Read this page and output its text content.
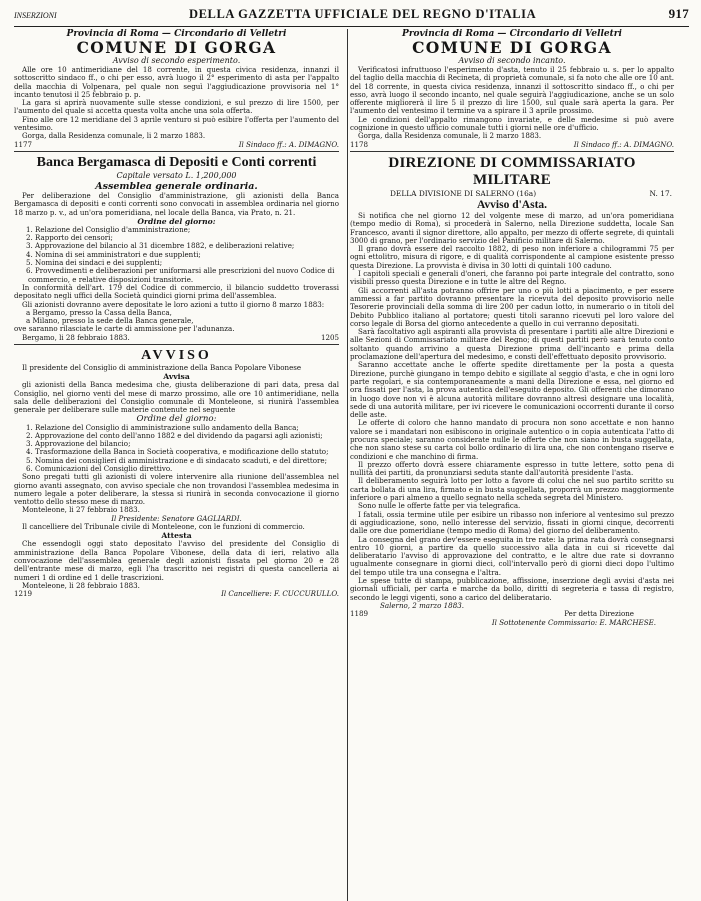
INSERZIONI	DELLA GAZZETTA UFFICIALE DEL REGNO D'ITALIA	917
Provincia di Roma — Circondario di Velletri
COMUNE DI GORGA
Avviso di secondo esperimento.

Alle ore 10 antimeridiane del 18 corrente, in questa civica residenza, innanzi il sottoscritto sindaco ff., o chi per esso, avrà luogo il 2° esperimento di asta per l'appalto della macchia di Volpenara, pel quale non seguì l'aggiudicazione provvisoria nel 1° incanto tenutosi il 25 febbraio p. p.

La gara si aprirà nuovamente sulle stesse condizioni, e sul prezzo di lire 1500, per l'aumento del quale si accetta questa volta anche una sola offerta.

Fino alle ore 12 meridiane del 3 aprile venturo si può esibire l'offerta per l'aumento del ventesimo.

Gorga, dalla Residenza comunale, li 2 marzo 1883.

1177	Il Sindaco ff.: A. DIMAGNO.
Banca Bergamasca di Depositi e Conti correnti
Capitale versato L. 1,200,000
Assemblea generale ordinaria.

Per deliberazione del Consiglio d'amministrazione, gli azionisti della Banca Bergamasca di depositi e conti correnti sono convocati in assemblea ordinaria nel giorno 18 marzo p. v., ad un'ora pomeridiana, nel locale della Banca, via Prato, n. 21.

Ordine del giorno:
1. Relazione del Consiglio d'amministrazione;
2. Rapporto dei censori;
3. Approvazione del bilancio al 31 dicembre 1882, e deliberazioni relative;
4. Nomina di sei amministratori e due supplenti;
5. Nomina dei sindaci e dei supplenti;
6. Provvedimenti e deliberazioni per uniformarsi alle prescrizioni del nuovo Codice di commercio, e relative disposizioni transitorie.

In conformità dell'art. 179 del Codice di commercio, il bilancio suddetto troverassi depositato negli uffici della Società quindici giorni prima dell'assemblea.

Gli azionisti dovranno avere depositate le loro azioni a tutto il giorno 8 marzo 1883:

a Bergamo, presso la Cassa della Banca,
a Milano, presso la sede della Banca generale,

ove saranno rilasciate le carte di ammissione per l'adunanza.

Bergamo, li 28 febbraio 1883.	1205
AVVISO

Il presidente del Consiglio di amministrazione della Banca Popolare Vibonese

Avvisa

gli azionisti della Banca medesima che, giusta deliberazione di pari data, presa dal Consiglio, nel giorno venti del mese di marzo prossimo, alle ore 10 antimeridiane, nella sala delle deliberazioni del Consiglio comunale di Monteleone, si riunirà l'assemblea generale per deliberare sulle materie contenute nel seguente

Ordine del giorno:
1. Relazione del Consiglio di amministrazione sullo andamento della Banca;
2. Approvazione del conto dell'anno 1882 e del dividendo da pagarsi agli azionisti;
3. Approvazione del bilancio;
4. Trasformazione della Banca in Società cooperativa, e modificazione dello statuto;
5. Nomina dei consiglieri di amministrazione e di sindacato scaduti, e del direttore;
6. Comunicazioni del Consiglio direttivo.

Sono pregati tutti gli azionisti di volere intervenire alla riunione dell'assemblea nel giorno avanti assegnato, con avviso speciale che non trovandosi l'assemblea medesima in numero legale a poter deliberare, la stessa si riunirà in seconda convocazione il giorno ventotto dello stesso mese di marzo.

Monteleone, li 27 febbraio 1883.

Il Presidente: Senatore GAGLIARDI.

Il cancelliere del Tribunale civile di Monteleone, con le funzioni di commercio.

Attesta

Che essendogli oggi stato depositato l'avviso del presidente del Consiglio di amministrazione della Banca Popolare Vibonese, della data di ieri, relativo alla convocazione dell'assemblea generale degli azionisti fissata pel giorno 20 e 28 dell'entrante mese di marzo, egli l'ha trascritto nei registri di questa cancelleria ai numeri 1 di ordine ed 1 delle trascrizioni.

Monteleone, li 28 febbraio 1883.

1219	Il Cancelliere: F. CUCCURULLO.
Provincia di Roma — Circondario di Velletri
COMUNE DI GORGA
Avviso di secondo incanto.

Verificatosi infruttuoso l'esperimento d'asta, tenuto il 25 febbraio u. s. per lo appalto del taglio della macchia di Recineta, di proprietà comunale, si fa noto che alle ore 10 ant. del 18 corrente, in questa civica residenza, innanzi il sottoscritto sindaco ff., o chi per esso, avrà luogo il secondo incanto, nel quale seguirà l'aggiudicazione, anche se un solo offerente migliorerà il lire 5 il prezzo di lire 1500, sul quale sarà aperta la gara. Per l'aumento del ventesimo il termine va a spirare il 3 aprile prossimo.

Le condizioni dell'appalto rimangono invariate, e delle medesime si può avere cognizione in questo ufficio comunale tutti i giorni nelle ore d'ufficio.

Gorga, dalla Residenza comunale, li 2 marzo 1883.

1178	Il Sindaco ff.: A. DIMAGNO.
DIREZIONE DI COMMISSARIATO MILITARE
DELLA DIVISIONE DI SALERNO (16a)	N. 17.
Avviso d'Asta.

Si notifica che nel giorno 12 del volgente mese di marzo, ad un'ora pomeridiana (tempo medio di Roma), si procederà in Salerno, nella Direzione suddetta, locale San Francesco, avanti il signor direttore, allo appalto, per mezzo di offerte segrete, di quintali 3000 di grano, per l'ordinario servizio del Panificio militare di Salerno.

Il grano dovrà essere del raccolto 1882, di peso non inferiore a chilogrammi 75 per ogni ettolitro, misura di rigore, e di qualità corrispondente al campione esistente presso questa Direzione. La provvista è divisa in 30 lotti di quintali 100 caduno.

I capitoli speciali e generali d'oneri, che faranno poi parte integrale del contratto, sono visibili presso questa Direzione e in tutte le altre del Regno.

Gli accorrenti all'asta potranno offrire per uno o più lotti a piacimento, e per essere ammessi a far partito dovranno presentare la ricevuta del deposito provvisorio nelle Tesorerie provinciali della somma di lire 200 per cadun lotto, in numerario o in titoli del Debito Pubblico italiano al portatore; questi titoli saranno ricevuti pel loro valore del corso legale di Borsa del giorno antecedente a quello in cui verranno depositati.

Sarà facoltativo agli aspiranti alla provvista di presentare i partiti alle altre Direzioni e alle Sezioni di Commissariato militare del Regno; di questi partiti però sarà tenuto conto soltanto quando arrivino a questa Direzione prima dell'incanto e prima della proclamazione dell'apertura del medesimo, e consti dell'effettuato deposito provvisorio.

Saranno accettate anche le offerte spedite direttamente per la posta a questa Direzione, purchè giungano in tempo debito e sigillate al seggio d'asta, e che in ogni loro parte regolari, e sia contemporaneamente a mani della Direzione e essa, nel giorno ed ora fissati per l'asta, la prova autentica dell'eseguito deposito. Gli offerenti che dimorano in luogo dove non vi è alcuna autorità militare dovranno altresì designare una località, sede di una autorità militare, per ivi ricevere le comunicazioni occorrenti durante il corso delle aste.

Le offerte di coloro che hanno mandato di procura non sono accettate e non hanno valore se i mandatari non esibiscono in originale autentico o in copia autenticata l'atto di procura speciale; saranno considerate nulle le offerte che non siano in busta suggellata, che non siano stese su carta col bollo ordinario di lira una, che non contengano riserve e condizioni e che manchino di firma.

Il prezzo offerto dovrà essere chiaramente espresso in tutte lettere, sotto pena di nullità dei partiti, da pronunziarsi seduta stante dall'autorità presidente l'asta.

Il deliberamento seguirà lotto per lotto a favore di colui che nel suo partito scritto su carta bollata di una lira, firmato e in busta suggellata, proporrà un prezzo maggiormente inferiore o pari almeno a quello segnato nella scheda segreta del Ministero.

Sono nulle le offerte fatte per via telegrafica.

I fatali, ossia termine utile per esibire un ribasso non inferiore al ventesimo sul prezzo di aggiudicazione, sono, nello interesse del servizio, fissati in giorni cinque, decorrenti dalle ore due pomeridiane (tempo medio di Roma) del giorno del deliberamento.

La consegna del grano dev'essere eseguita in tre rate: la prima rata dovrà consegnarsi entro 10 giorni, a partire da quello successivo alla data in cui si ricevette dal deliberatario l'avviso di approvazione del contratto, e le altre due rate si dovranno ugualmente consegnare in giorni dieci, coll'intervallo però di giorni dieci dopo l'ultimo del tempo utile tra una consegna e l'altra.

Le spese tutte di stampa, pubblicazione, affissione, inserzione degli avvisi d'asta nei giornali ufficiali, per carta e marche da bollo, diritti di segreteria e tassa di registro, secondo le leggi vigenti, sono a carico del deliberatario.

Salerno, 2 marzo 1883.
1189	Per detta Direzione
Il Sottotenente Commissario: E. MARCHESE.
